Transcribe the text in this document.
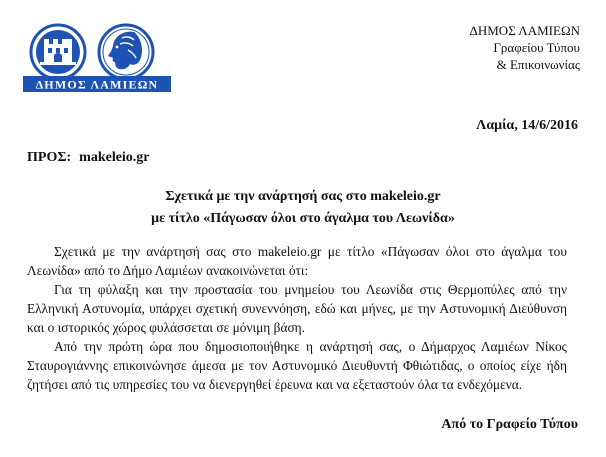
ΔΗΜΟΣ ΛΑΜΙΕΩΝ
ΔΗΜΟΣ ΛΑΜΙΕΩΝ
Γραφείου Τύπου
& Επικοινωνίας
Λαμία, 14/6/2016
ΠΡΟΣ: makeleio.gr
Σχετικά με την ανάρτησή σας στο makeleio.gr
με τίτλο «Πάγωσαν όλοι στο άγαλμα του Λεωνίδα»

Σχετικά με την ανάρτησή σας στο makeleio.gr με τίτλο «Πάγωσαν όλοι στο άγαλμα του Λεωνίδα» από το Δήμο Λαμιέων ανακοινώνεται ότι:

Για τη φύλαξη και την προστασία του μνημείου του Λεωνίδα στις Θερμοπύλες από την Ελληνική Αστυνομία, υπάρχει σχετική συνεννόηση, εδώ και μήνες, με την Αστυνομική Διεύθυνση και ο ιστορικός χώρος φυλάσσεται σε μόνιμη βάση.

Από την πρώτη ώρα που δημοσιοποιήθηκε η ανάρτησή σας, ο Δήμαρχος Λαμιέων Νίκος Σταυρογιάννης επικοινώνησε άμεσα με τον Αστυνομικό Διευθυντή Φθιώτιδας, ο οποίος είχε ήδη ζητήσει από τις υπηρεσίες του να διενεργηθεί έρευνα και να εξεταστούν όλα τα ενδεχόμενα.

Από το Γραφείο Τύπου
